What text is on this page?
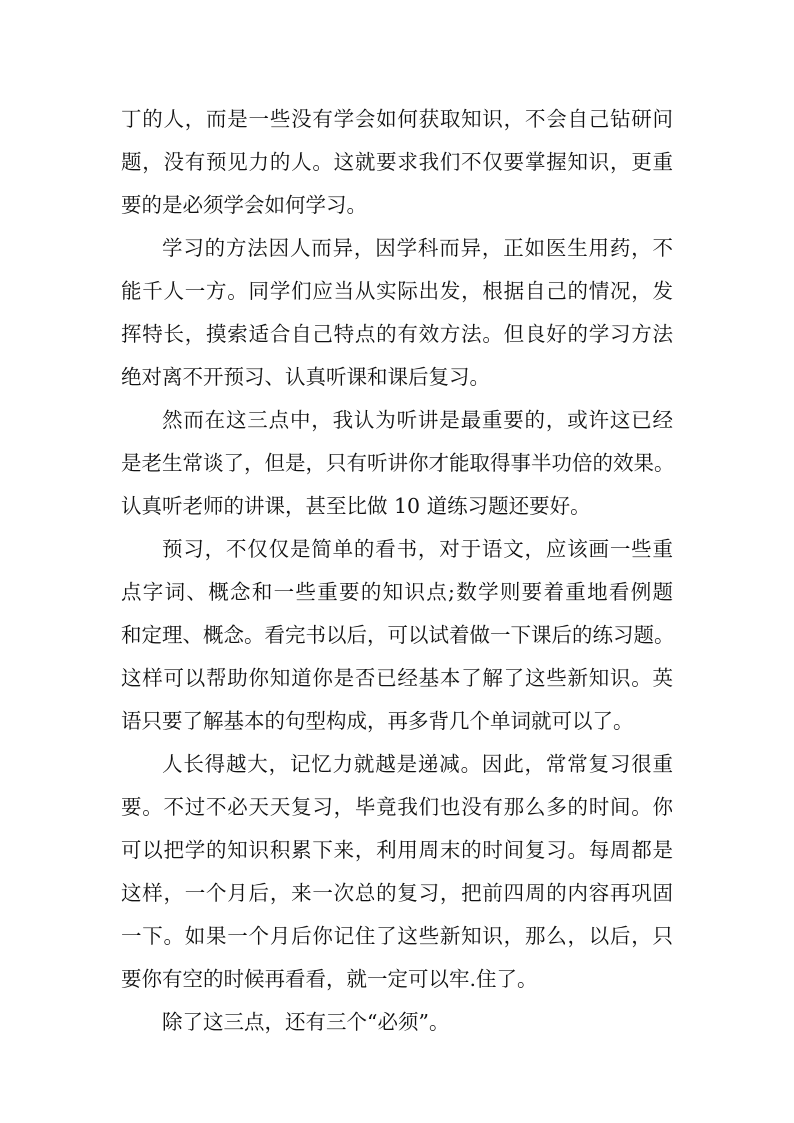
丁的人，而是一些没有学会如何获取知识，不会自己钻研问
题，没有预见力的人。这就要求我们不仅要掌握知识，更重
要的是必须学会如何学习。
学习的方法因人而异，因学科而异，正如医生用药，不
能千人一方。同学们应当从实际出发，根据自己的情况，发
挥特长，摸索适合自己特点的有效方法。但良好的学习方法
绝对离不开预习、认真听课和课后复习。
然而在这三点中，我认为听讲是最重要的，或许这已经
是老生常谈了，但是，只有听讲你才能取得事半功倍的效果。
认真听老师的讲课，甚至比做 10 道练习题还要好。
预习，不仅仅是简单的看书，对于语文，应该画一些重
点字词、概念和一些重要的知识点;数学则要着重地看例题
和定理、概念。看完书以后，可以试着做一下课后的练习题。
这样可以帮助你知道你是否已经基本了解了这些新知识。英
语只要了解基本的句型构成，再多背几个单词就可以了。
人长得越大，记忆力就越是递减。因此，常常复习很重
要。不过不必天天复习，毕竟我们也没有那么多的时间。你
可以把学的知识积累下来，利用周末的时间复习。每周都是
这样，一个月后，来一次总的复习，把前四周的内容再巩固
一下。如果一个月后你记住了这些新知识，那么，以后，只
要你有空的时候再看看，就一定可以牢.住了。
除了这三点，还有三个“必须”。
